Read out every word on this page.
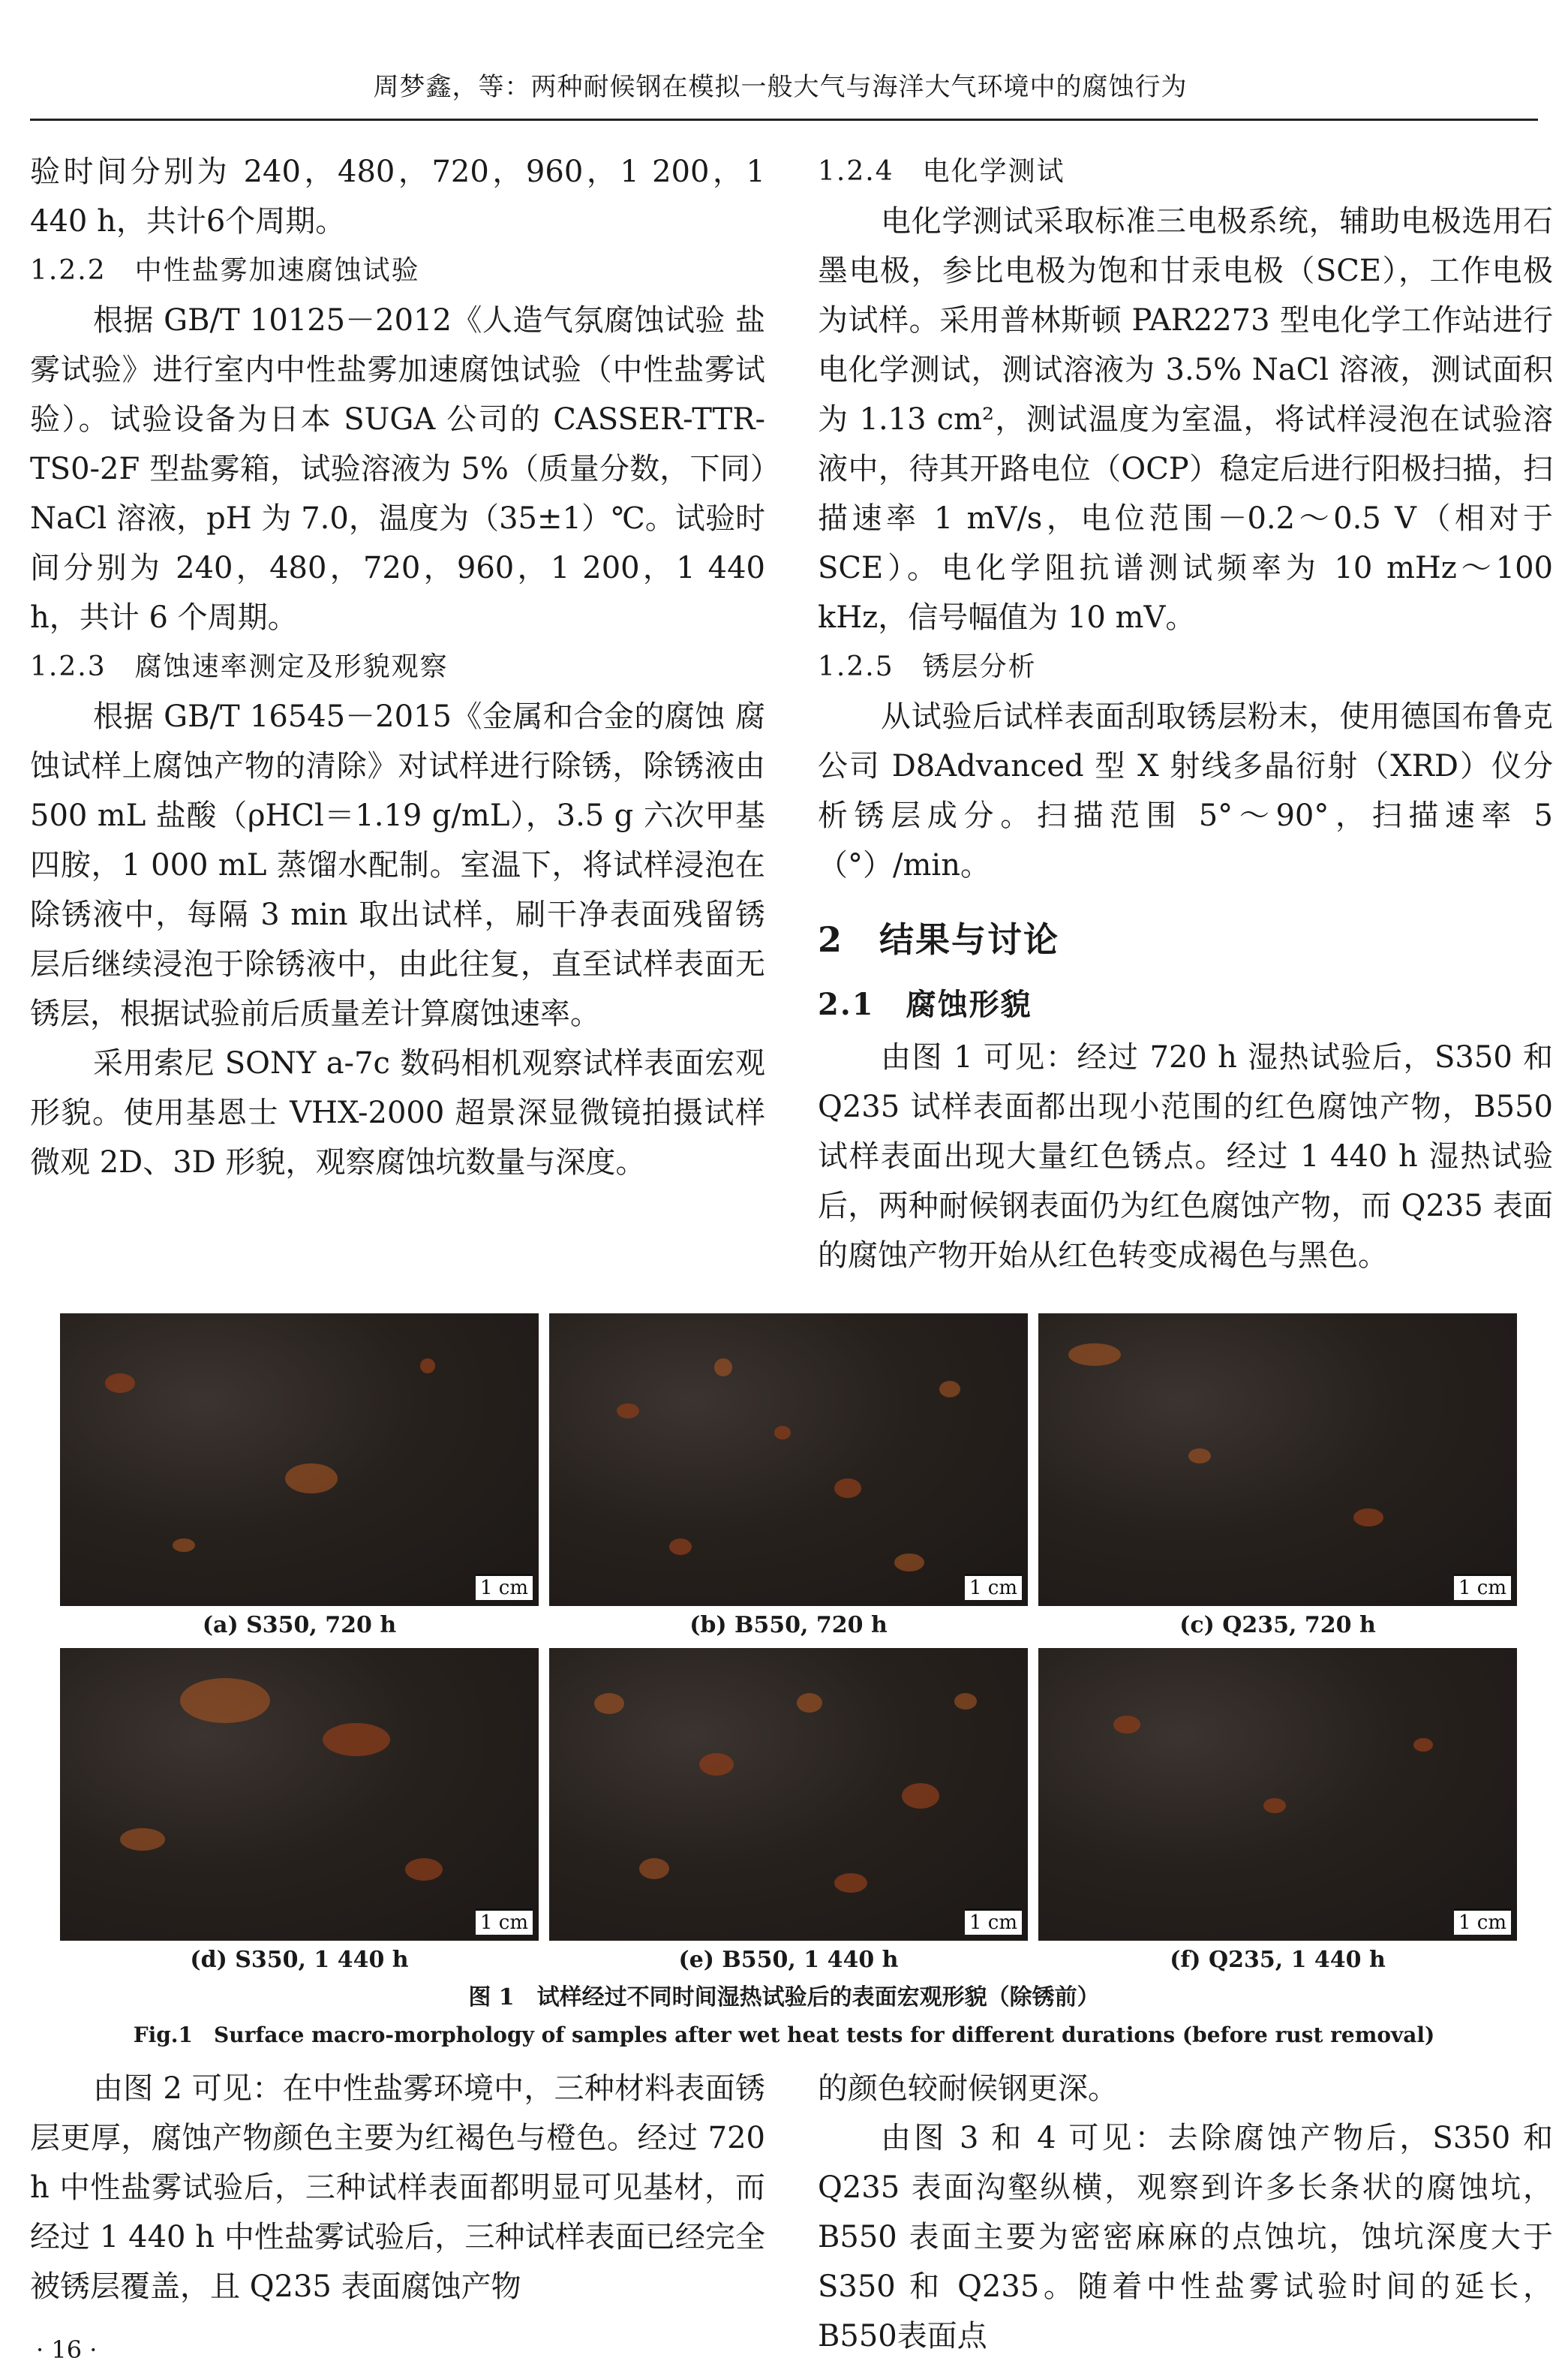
周梦鑫，等：两种耐候钢在模拟一般大气与海洋大气环境中的腐蚀行为

验时间分别为 240，480，720，960，1 200，1 440 h，共计6个周期。

1.2.2　中性盐雾加速腐蚀试验

根据 GB/T 10125－2012《人造气氛腐蚀试验 盐雾试验》进行室内中性盐雾加速腐蚀试验（中性盐雾试验）。试验设备为日本 SUGA 公司的 CASSER-TTR-TS0-2F 型盐雾箱，试验溶液为 5%（质量分数，下同）NaCl 溶液，pH 为 7.0，温度为（35±1）℃。试验时间分别为 240，480，720，960，1 200，1 440 h，共计 6 个周期。

1.2.3　腐蚀速率测定及形貌观察

根据 GB/T 16545－2015《金属和合金的腐蚀 腐蚀试样上腐蚀产物的清除》对试样进行除锈，除锈液由 500 mL 盐酸（ρHCl＝1.19 g/mL），3.5 g 六次甲基四胺，1 000 mL 蒸馏水配制。室温下，将试样浸泡在除锈液中，每隔 3 min 取出试样，刷干净表面残留锈层后继续浸泡于除锈液中，由此往复，直至试样表面无锈层，根据试验前后质量差计算腐蚀速率。

采用索尼 SONY a-7c 数码相机观察试样表面宏观形貌。使用基恩士 VHX-2000 超景深显微镜拍摄试样微观 2D、3D 形貌，观察腐蚀坑数量与深度。

1.2.4　电化学测试

电化学测试采取标准三电极系统，辅助电极选用石墨电极，参比电极为饱和甘汞电极（SCE），工作电极为试样。采用普林斯顿 PAR2273 型电化学工作站进行电化学测试，测试溶液为 3.5% NaCl 溶液，测试面积为 1.13 cm²，测试温度为室温，将试样浸泡在试验溶液中，待其开路电位（OCP）稳定后进行阳极扫描，扫描速率 1 mV/s，电位范围－0.2～0.5 V（相对于 SCE）。电化学阻抗谱测试频率为 10 mHz～100 kHz，信号幅值为 10 mV。

1.2.5　锈层分析

从试验后试样表面刮取锈层粉末，使用德国布鲁克公司 D8Advanced 型 X 射线多晶衍射（XRD）仪分析锈层成分。扫描范围 5°～90°，扫描速率 5（°）/min。

2　结果与讨论

2.1　腐蚀形貌

由图 1 可见：经过 720 h 湿热试验后，S350 和 Q235 试样表面都出现小范围的红色腐蚀产物，B550 试样表面出现大量红色锈点。经过 1 440 h 湿热试验后，两种耐候钢表面仍为红色腐蚀产物，而 Q235 表面的腐蚀产物开始从红色转变成褐色与黑色。

1 cm	1 cm	1 cm
(a) S350, 720 h	(b) B550, 720 h	(c) Q235, 720 h
1 cm	1 cm	1 cm
(d) S350, 1 440 h	(e) B550, 1 440 h	(f) Q235, 1 440 h
图 1　试样经过不同时间湿热试验后的表面宏观形貌（除锈前）
Fig.1　Surface macro-morphology of samples after wet heat tests for different durations (before rust removal)

由图 2 可见：在中性盐雾环境中，三种材料表面锈层更厚，腐蚀产物颜色主要为红褐色与橙色。经过 720 h 中性盐雾试验后，三种试样表面都明显可见基材，而经过 1 440 h 中性盐雾试验后，三种试样表面已经完全被锈层覆盖，且 Q235 表面腐蚀产物

的颜色较耐候钢更深。

由图 3 和 4 可见：去除腐蚀产物后，S350 和 Q235 表面沟壑纵横，观察到许多长条状的腐蚀坑，B550 表面主要为密密麻麻的点蚀坑，蚀坑深度大于 S350 和 Q235。随着中性盐雾试验时间的延长，B550表面点

· 16 ·
